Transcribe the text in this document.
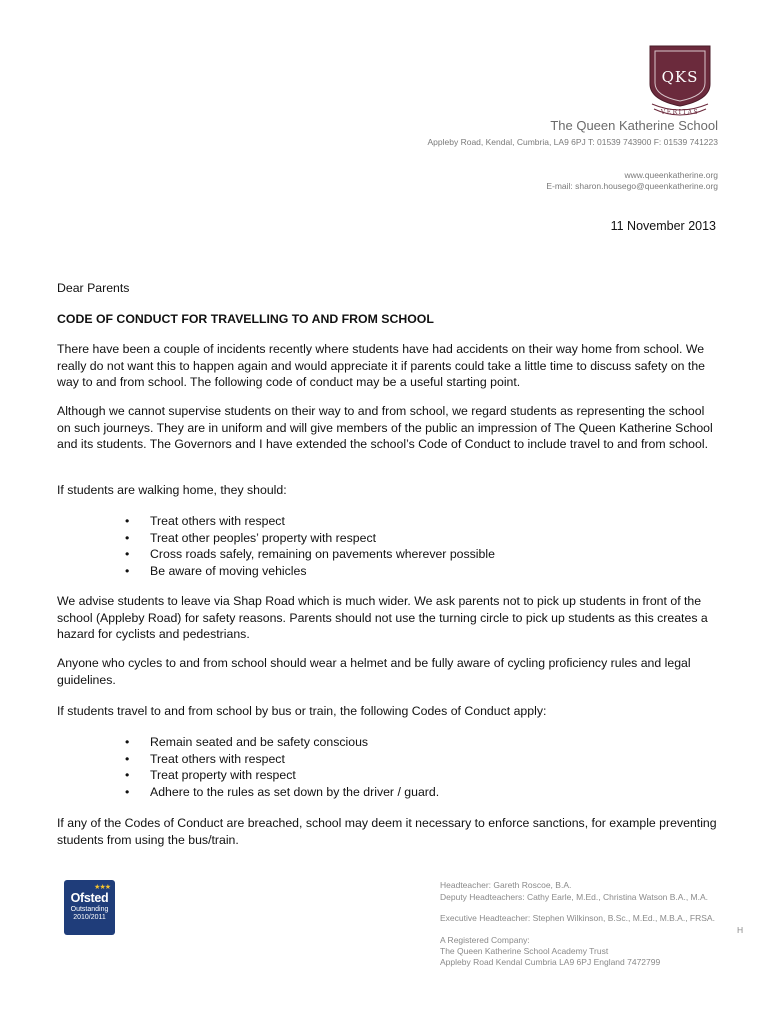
QKS
VERITAS
The Queen Katherine School
Appleby Road, Kendal, Cumbria, LA9 6PJ T: 01539 743900 F: 01539 741223
www.queenkatherine.org
E-mail: sharon.housego@queenkatherine.org
11 November 2013
Dear Parents
CODE OF CONDUCT FOR TRAVELLING TO AND FROM SCHOOL

There have been a couple of incidents recently where students have had accidents on their way home from school. We really do not want this to happen again and would appreciate it if parents could take a little time to discuss safety on the way to and from school. The following code of conduct may be a useful starting point.

Although we cannot supervise students on their way to and from school, we regard students as representing the school on such journeys. They are in uniform and will give members of the public an impression of The Queen Katherine School and its students. The Governors and I have extended the school’s Code of Conduct to include travel to and from school.

If students are walking home, they should:

• Treat others with respect
• Treat other peoples’ property with respect
• Cross roads safely, remaining on pavements wherever possible
• Be aware of moving vehicles

We advise students to leave via Shap Road which is much wider. We ask parents not to pick up students in front of the school (Appleby Road) for safety reasons. Parents should not use the turning circle to pick up students as this creates a hazard for cyclists and pedestrians.

Anyone who cycles to and from school should wear a helmet and be fully aware of cycling proficiency rules and legal guidelines.

If students travel to and from school by bus or train, the following Codes of Conduct apply:

• Remain seated and be safety conscious
• Treat others with respect
• Treat property with respect
• Adhere to the rules as set down by the driver / guard.

If any of the Codes of Conduct are breached, school may deem it necessary to enforce sanctions, for example preventing students from using the bus/train.

★★★
Ofsted
Outstanding
2010/2011
Headteacher: Gareth Roscoe, B.A.
Deputy Headteachers: Cathy Earle, M.Ed., Christina Watson B.A., M.A.
Executive Headteacher: Stephen Wilkinson, B.Sc., M.Ed., M.B.A., FRSA.
H
A Registered Company:
The Queen Katherine School Academy Trust
Appleby Road Kendal Cumbria LA9 6PJ England 7472799
